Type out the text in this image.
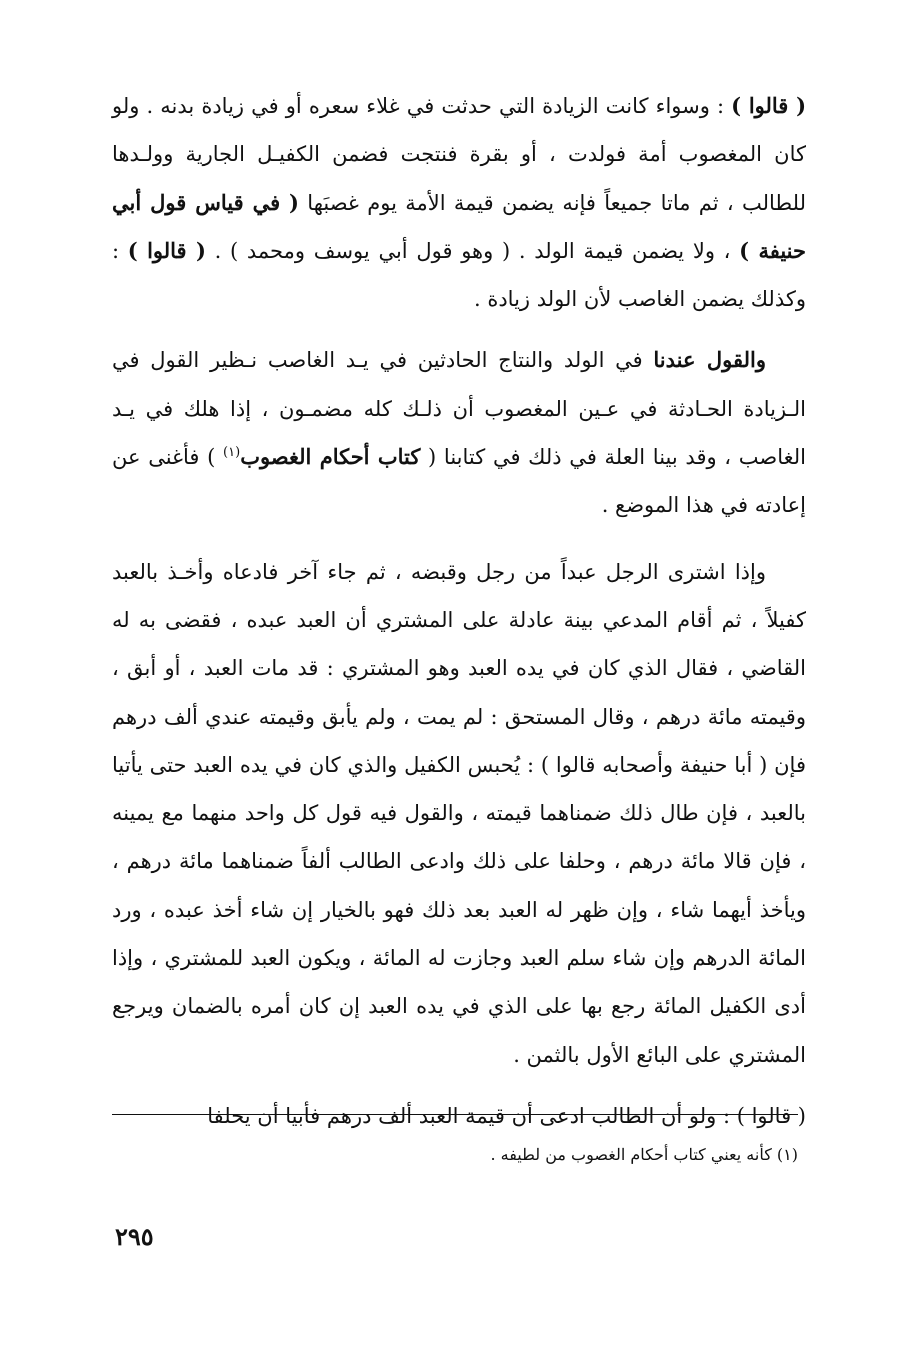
( قالوا ) : وسواء كانت الزيادة التي حدثت في غلاء سعره أو في زيادة بدنه . ولو كان المغصوب أمة فولدت ، أو بقرة فنتجت فضمن الكفيـل الجارية وولـدها للطالب ، ثم ماتا جميعاً فإنه يضمن قيمة الأمة يوم غصبَها ( في قياس قول أبي حنيفة ) ، ولا يضمن قيمة الولد . ( وهو قول أبي يوسف ومحمد ) . ( قالوا ) : وكذلك يضمن الغاصب لأن الولد زيادة .

والقول عندنا في الولد والنتاج الحادثين في يـد الغاصب نـظير القول في الـزيادة الحـادثة في عـين المغصوب أن ذلـك كله مضمـون ، إذا هلك في يـد الغاصب ، وقد بينا العلة في ذلك في كتابنا ( كتاب أحكام الغصوب$^{(١)}$ ) فأغنى عن إعادته في هذا الموضع .

وإذا اشترى الرجل عبداً من رجل وقبضه ، ثم جاء آخر فادعاه وأخـذ بالعبد كفيلاً ، ثم أقام المدعي بينة عادلة على المشتري أن العبد عبده ، فقضى به له القاضي ، فقال الذي كان في يده العبد وهو المشتري : قد مات العبد ، أو أبق ، وقيمته مائة درهم ، وقال المستحق : لم يمت ، ولم يأبق وقيمته عندي ألف درهم فإن ( أبا حنيفة وأصحابه قالوا ) : يُحبس الكفيل والذي كان في يده العبد حتى يأتيا بالعبد ، فإن طال ذلك ضمناهما قيمته ، والقول فيه قول كل واحد منهما مع يمينه ، فإن قالا مائة درهم ، وحلفا على ذلك وادعى الطالب ألفاً ضمناهما مائة درهم ، ويأخذ أيهما شاء ، وإن ظهر له العبد بعد ذلك فهو بالخيار إن شاء أخذ عبده ، ورد المائة الدرهم وإن شاء سلم العبد وجازت له المائة ، ويكون العبد للمشتري ، وإذا أدى الكفيل المائة رجع بها على الذي في يده العبد إن كان أمره بالضمان ويرجع المشتري على البائع الأول بالثمن .

( قالوا ) : ولو أن الطالب ادعى أن قيمة العبد ألف درهم فأبيا أن يحلفا

(١) كأنه يعني كتاب أحكام الغصوب من لطيفه .
٢٩٥
